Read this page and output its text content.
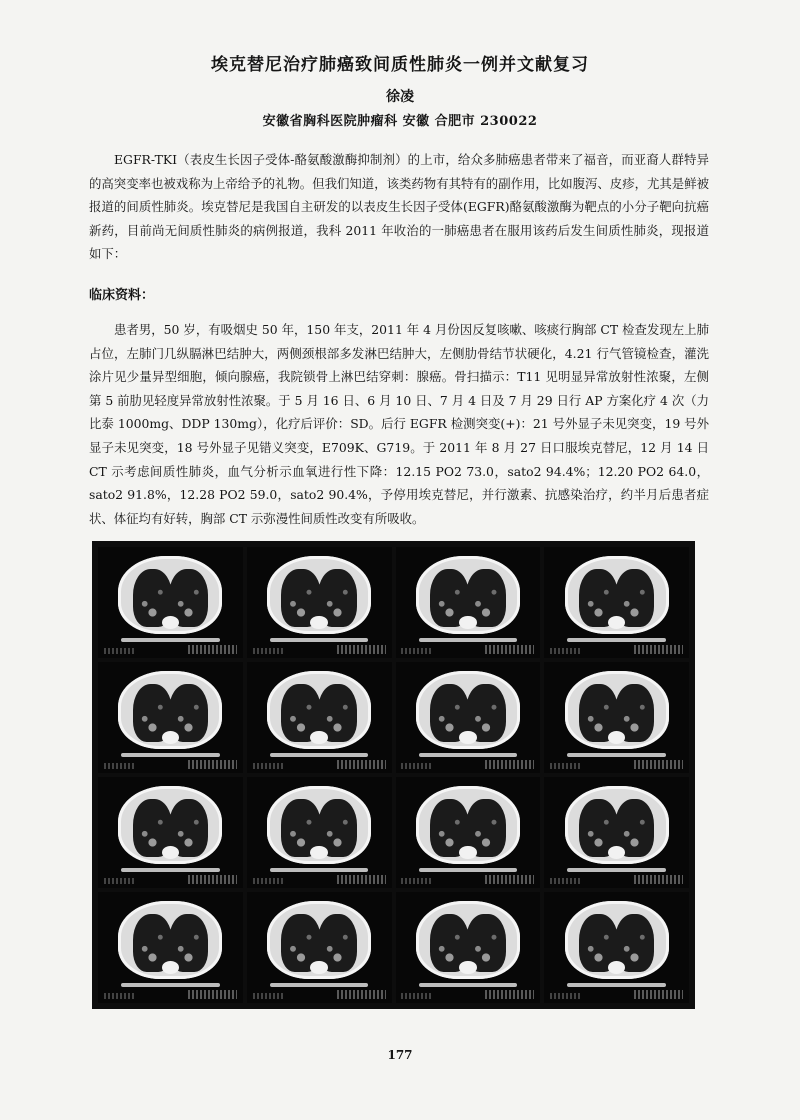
埃克替尼治疗肺癌致间质性肺炎一例并文献复习
徐凌
安徽省胸科医院肿瘤科 安徽 合肥市 230022
EGFR-TKI（表皮生长因子受体-酪氨酸激酶抑制剂）的上市，给众多肺癌患者带来了福音，而亚裔人群特异的高突变率也被戏称为上帝给予的礼物。但我们知道，该类药物有其特有的副作用，比如腹泻、皮疹，尤其是鲜被报道的间质性肺炎。埃克替尼是我国自主研发的以表皮生长因子受体(EGFR)酪氨酸激酶为靶点的小分子靶向抗癌新药，目前尚无间质性肺炎的病例报道，我科 2011 年收治的一肺癌患者在服用该药后发生间质性肺炎，现报道如下：
临床资料：
患者男，50 岁，有吸烟史 50 年，150 年支，2011 年 4 月份因反复咳嗽、咳痰行胸部 CT 检查发现左上肺占位，左肺门几纵膈淋巴结肿大，两侧颈根部多发淋巴结肿大，左侧肋骨结节状硬化，4.21 行气管镜检查，灌洗涂片见少量异型细胞，倾向腺癌，我院锁骨上淋巴结穿刺：腺癌。骨扫描示：T11 见明显异常放射性浓聚，左侧第 5 前肋见轻度异常放射性浓聚。于 5 月 16 日、6 月 10 日、7 月 4 日及 7 月 29 日行 AP 方案化疗 4 次（力比泰 1000mg、DDP 130mg），化疗后评价：SD。后行 EGFR 检测突变(+)：21 号外显子未见突变，19 号外显子未见突变，18 号外显子见错义突变，E709K、G719。于 2011 年 8 月 27 日口服埃克替尼，12 月 14 日 CT 示考虑间质性肺炎，血气分析示血氧进行性下降：12.15 PO2 73.0，sato2 94.4%；12.20 PO2 64.0，sato2 91.8%，12.28 PO2 59.0，sato2 90.4%，予停用埃克替尼，并行激素、抗感染治疗，约半月后患者症状、体征均有好转，胸部 CT 示弥漫性间质性改变有所吸收。
177
